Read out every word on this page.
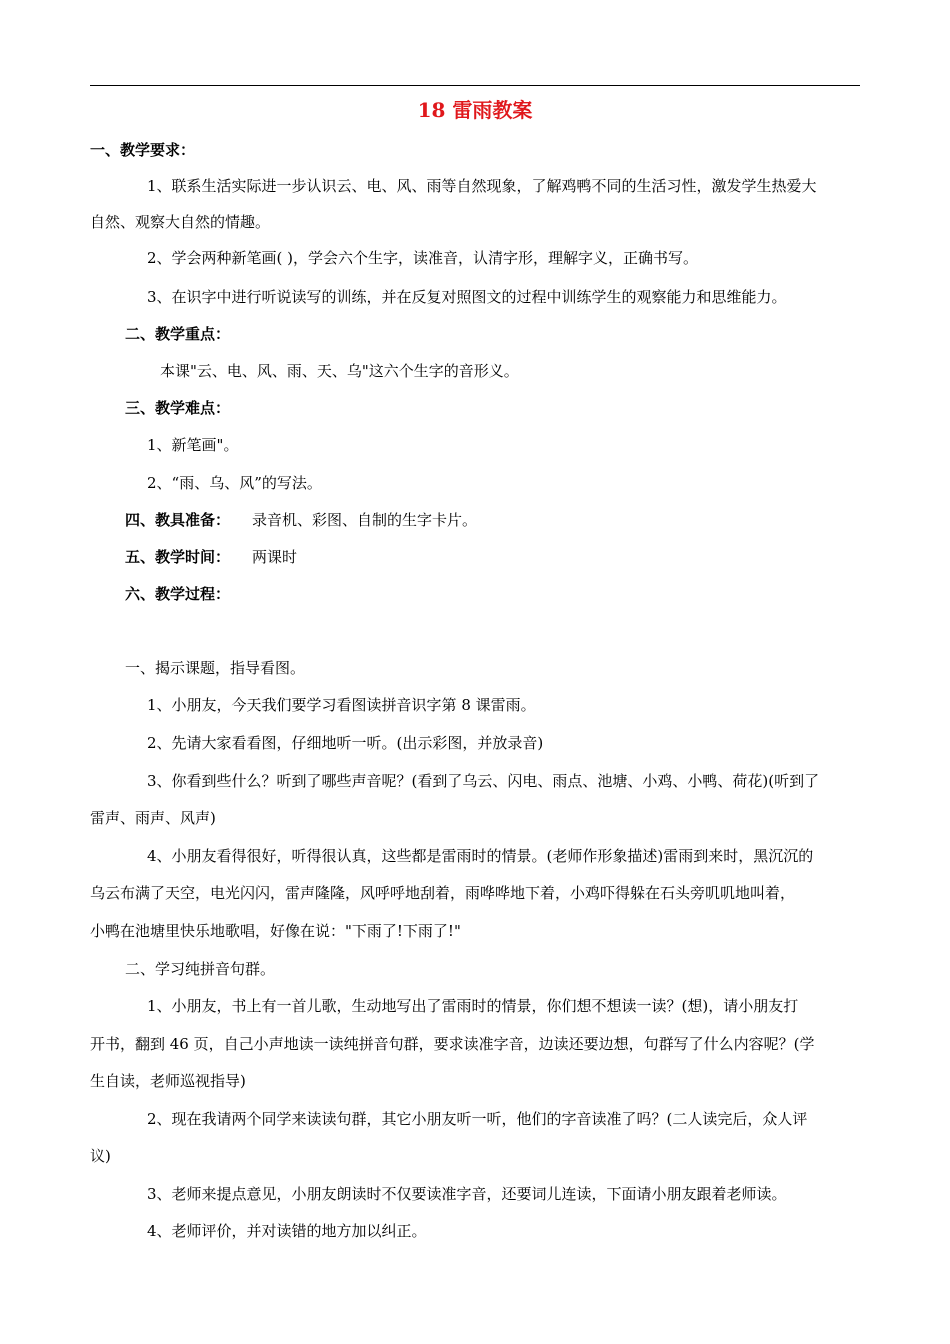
18 雷雨教案
一、教学要求：
1、联系生活实际进一步认识云、电、风、雨等自然现象，了解鸡鸭不同的生活习性，激发学生热爱大
自然、观察大自然的情趣。
2、学会两种新笔画( )，学会六个生字，读准音，认清字形，理解字义，正确书写。
3、在识字中进行听说读写的训练，并在反复对照图文的过程中训练学生的观察能力和思维能力。
二、教学重点：
本课"云、电、风、雨、天、乌"这六个生字的音形义。
三、教学难点：
1、新笔画"。
2、“雨、乌、风”的写法。
四、教具准备： 录音机、彩图、自制的生字卡片。
五、教学时间： 两课时
六、教学过程：
一、揭示课题，指导看图。
1、小朋友，今天我们要学习看图读拼音识字第 8 课雷雨。
2、先请大家看看图，仔细地听一听。(出示彩图，并放录音)
3、你看到些什么？听到了哪些声音呢？(看到了乌云、闪电、雨点、池塘、小鸡、小鸭、荷花)(听到了
雷声、雨声、风声)
4、小朋友看得很好，听得很认真，这些都是雷雨时的情景。(老师作形象描述)雷雨到来时，黑沉沉的
乌云布满了天空，电光闪闪，雷声隆隆，风呼呼地刮着，雨哗哗地下着，小鸡吓得躲在石头旁叽叽地叫着，
小鸭在池塘里快乐地歌唱，好像在说："下雨了!下雨了!"
二、学习纯拼音句群。
1、小朋友，书上有一首儿歌，生动地写出了雷雨时的情景，你们想不想读一读？(想)，请小朋友打
开书，翻到 46 页，自己小声地读一读纯拼音句群，要求读准字音，边读还要边想，句群写了什么内容呢？(学
生自读，老师巡视指导)
2、现在我请两个同学来读读句群，其它小朋友听一听，他们的字音读准了吗？(二人读完后，众人评
议)
3、老师来提点意见，小朋友朗读时不仅要读准字音，还要词儿连读，下面请小朋友跟着老师读。
4、老师评价，并对读错的地方加以纠正。
